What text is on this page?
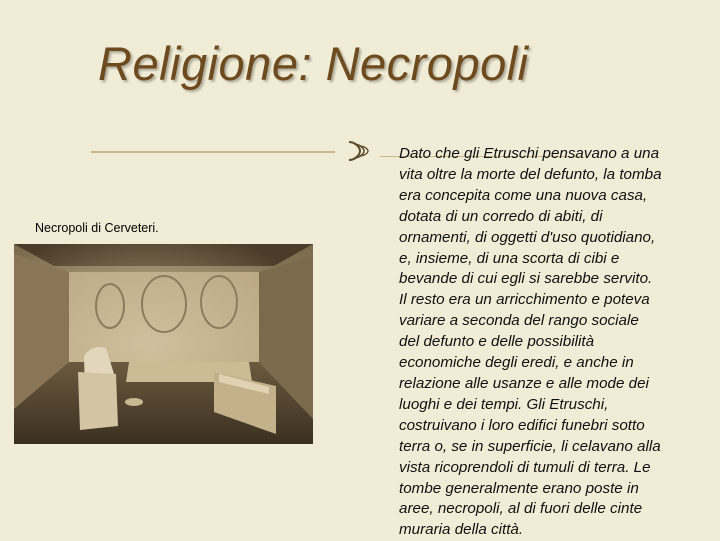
Religione: Necropoli
Necropoli di Cerveteri.
Dato che gli Etruschi pensavano a una
vita oltre la morte del defunto, la tomba
era concepita come una nuova casa,
dotata di un corredo di abiti, di
ornamenti, di oggetti d'uso quotidiano,
e, insieme, di una scorta di cibi e
bevande di cui egli si sarebbe servito.
Il resto era un arricchimento e poteva
variare a seconda del rango sociale
del defunto e delle possibilità
economiche degli eredi, e anche in
relazione alle usanze e alle mode dei
luoghi e dei tempi. Gli Etruschi,
costruivano i loro edifici funebri sotto
terra o, se in superficie, li celavano alla
vista ricoprendoli di tumuli di terra. Le
tombe generalmente erano poste in
aree, necropoli, al di fuori delle cinte
muraria della città.
